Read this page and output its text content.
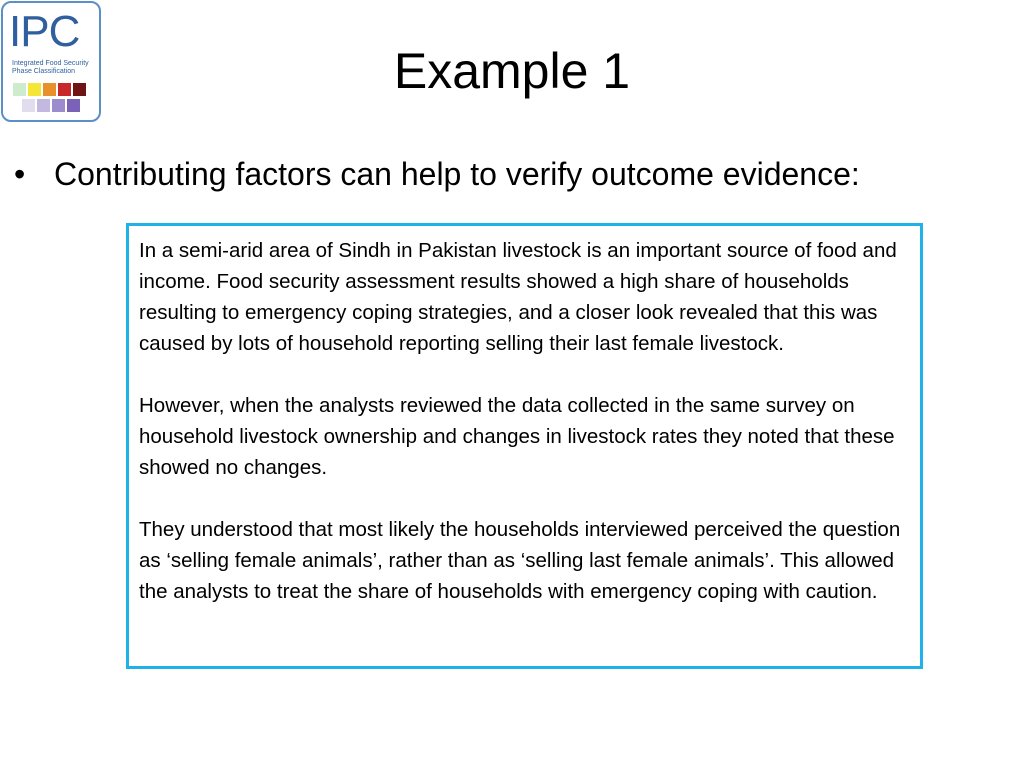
IPC
Integrated Food Security
Phase Classification	Example 1
• Contributing factors can help to verify outcome evidence:

In a semi-arid area of Sindh in Pakistan livestock is an important source of food and income. Food security assessment results showed a high share of households resulting to emergency coping strategies, and a closer look revealed that this was caused by lots of household reporting selling their last female livestock.

However, when the analysts reviewed the data collected in the same survey on household livestock ownership and changes in livestock rates they noted that these showed no changes.

They understood that most likely the households interviewed perceived the question as ‘selling female animals’, rather than as ‘selling last female animals’. This allowed the analysts to treat the share of households with emergency coping with caution.
